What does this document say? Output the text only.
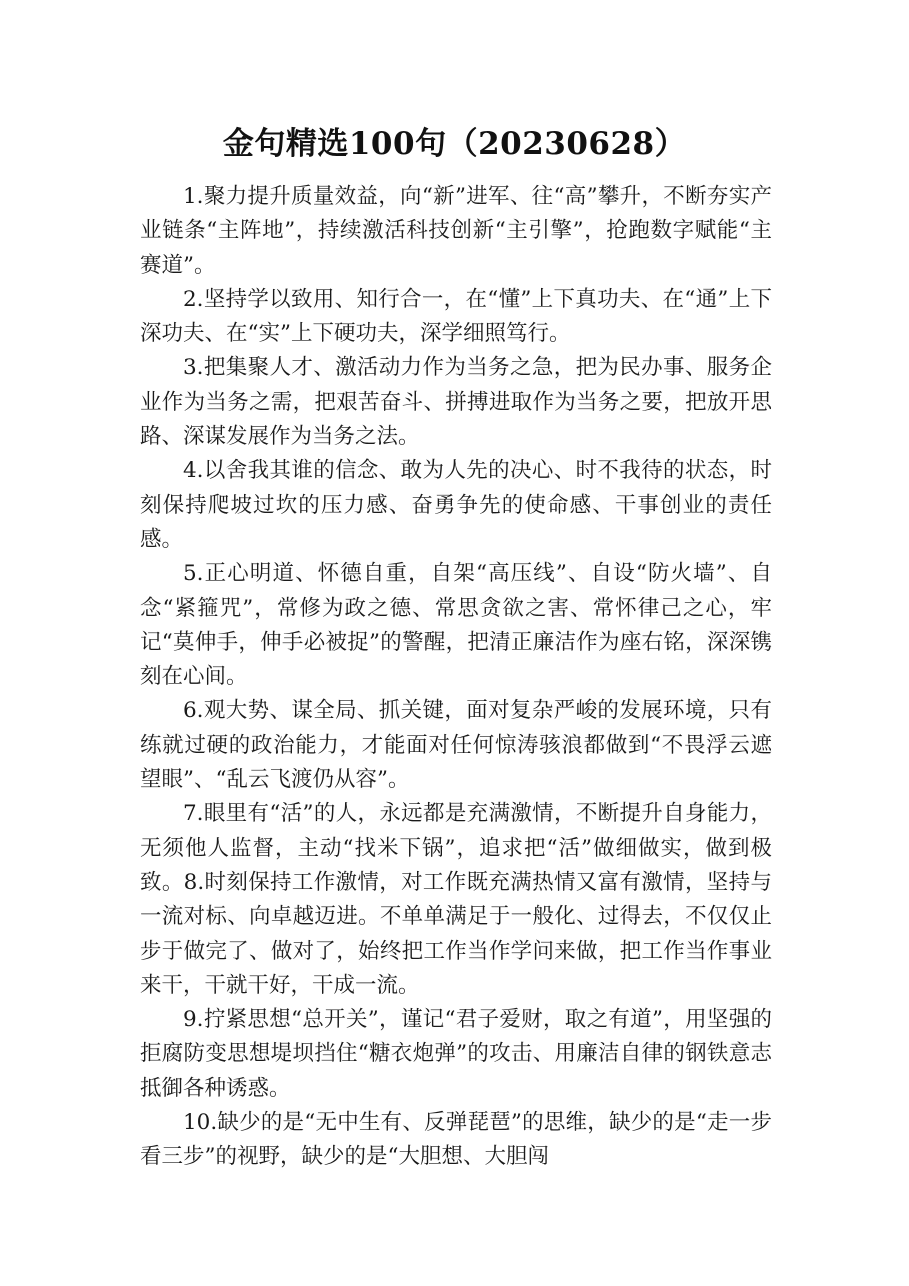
金句精选100句（20230628）

1.聚力提升质量效益，向“新”进军、往“高”攀升，不断夯实产业链条“主阵地”，持续激活科技创新“主引擎”，抢跑数字赋能“主赛道”。

2.坚持学以致用、知行合一，在“懂”上下真功夫、在“通”上下深功夫、在“实”上下硬功夫，深学细照笃行。

3.把集聚人才、激活动力作为当务之急，把为民办事、服务企业作为当务之需，把艰苦奋斗、拼搏进取作为当务之要，把放开思路、深谋发展作为当务之法。

4.以舍我其谁的信念、敢为人先的决心、时不我待的状态，时刻保持爬坡过坎的压力感、奋勇争先的使命感、干事创业的责任感。

5.正心明道、怀德自重，自架“高压线”、自设“防火墙”、自念“紧箍咒”，常修为政之德、常思贪欲之害、常怀律己之心，牢记“莫伸手，伸手必被捉”的警醒，把清正廉洁作为座右铭，深深镌刻在心间。

6.观大势、谋全局、抓关键，面对复杂严峻的发展环境，只有练就过硬的政治能力，才能面对任何惊涛骇浪都做到“不畏浮云遮望眼”、“乱云飞渡仍从容”。

7.眼里有“活”的人，永远都是充满激情，不断提升自身能力，无须他人监督，主动“找米下锅”，追求把“活”做细做实，做到极致。8.时刻保持工作激情，对工作既充满热情又富有激情，坚持与一流对标、向卓越迈进。不单单满足于一般化、过得去，不仅仅止步于做完了、做对了，始终把工作当作学问来做，把工作当作事业来干，干就干好，干成一流。

9.拧紧思想“总开关”，谨记“君子爱财，取之有道”，用坚强的拒腐防变思想堤坝挡住“糖衣炮弹”的攻击、用廉洁自律的钢铁意志抵御各种诱惑。

10.缺少的是“无中生有、反弹琵琶”的思维，缺少的是“走一步看三步”的视野，缺少的是“大胆想、大胆闯
